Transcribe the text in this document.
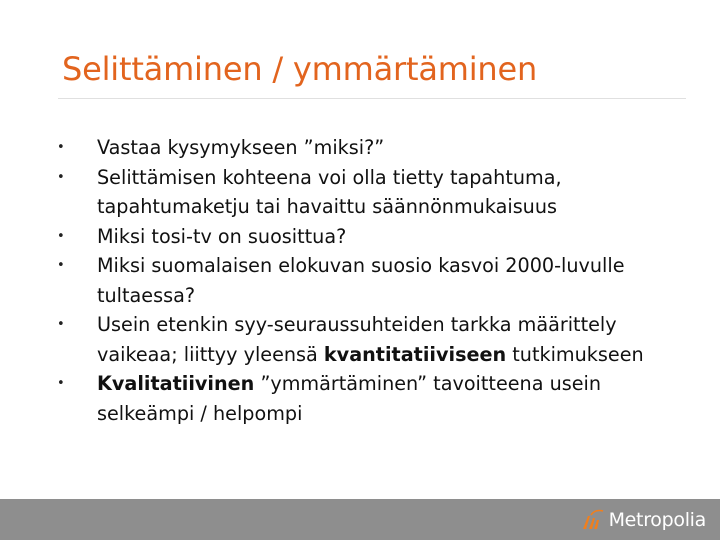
Selittäminen / ymmärtäminen
• Vastaa kysymykseen ”miksi?”
• Selittämisen kohteena voi olla tietty tapahtuma, tapahtumaketju tai havaittu säännönmukaisuus
• Miksi tosi-tv on suosittua?
• Miksi suomalaisen elokuvan suosio kasvoi 2000-luvulle tultaessa?
• Usein etenkin syy-seuraussuhteiden tarkka määrittely vaikeaa; liittyy yleensä kvantitatiiviseen tutkimukseen
• Kvalitatiivinen ”ymmärtäminen” tavoitteena usein selkeämpi / helpompi
Metropolia
